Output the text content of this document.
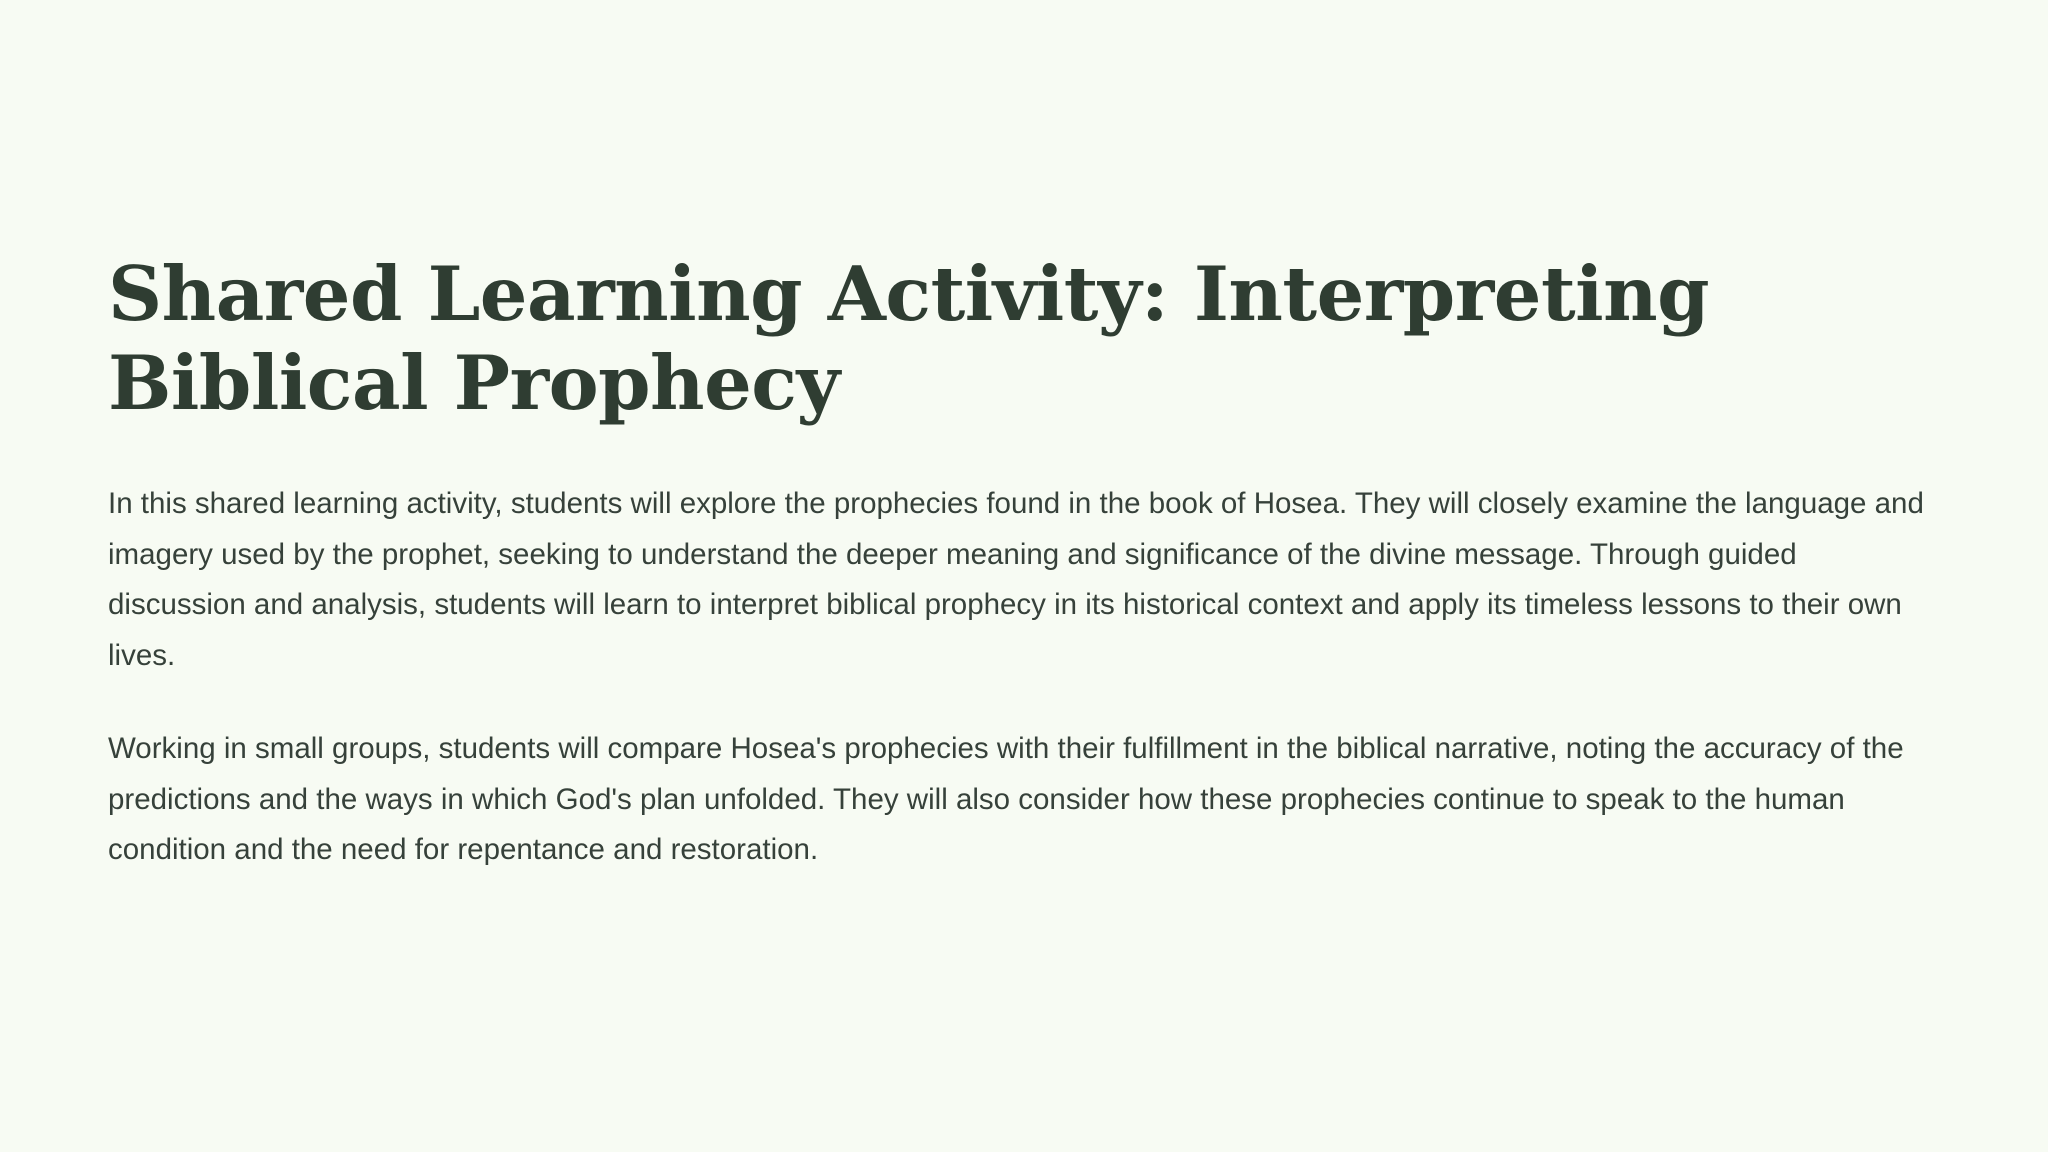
Shared Learning Activity: Interpreting Biblical Prophecy

In this shared learning activity, students will explore the prophecies found in the book of Hosea. They will closely examine the language and imagery used by the prophet, seeking to understand the deeper meaning and significance of the divine message. Through guided discussion and analysis, students will learn to interpret biblical prophecy in its historical context and apply its timeless lessons to their own lives.

Working in small groups, students will compare Hosea's prophecies with their fulfillment in the biblical narrative, noting the accuracy of the predictions and the ways in which God's plan unfolded. They will also consider how these prophecies continue to speak to the human condition and the need for repentance and restoration.
